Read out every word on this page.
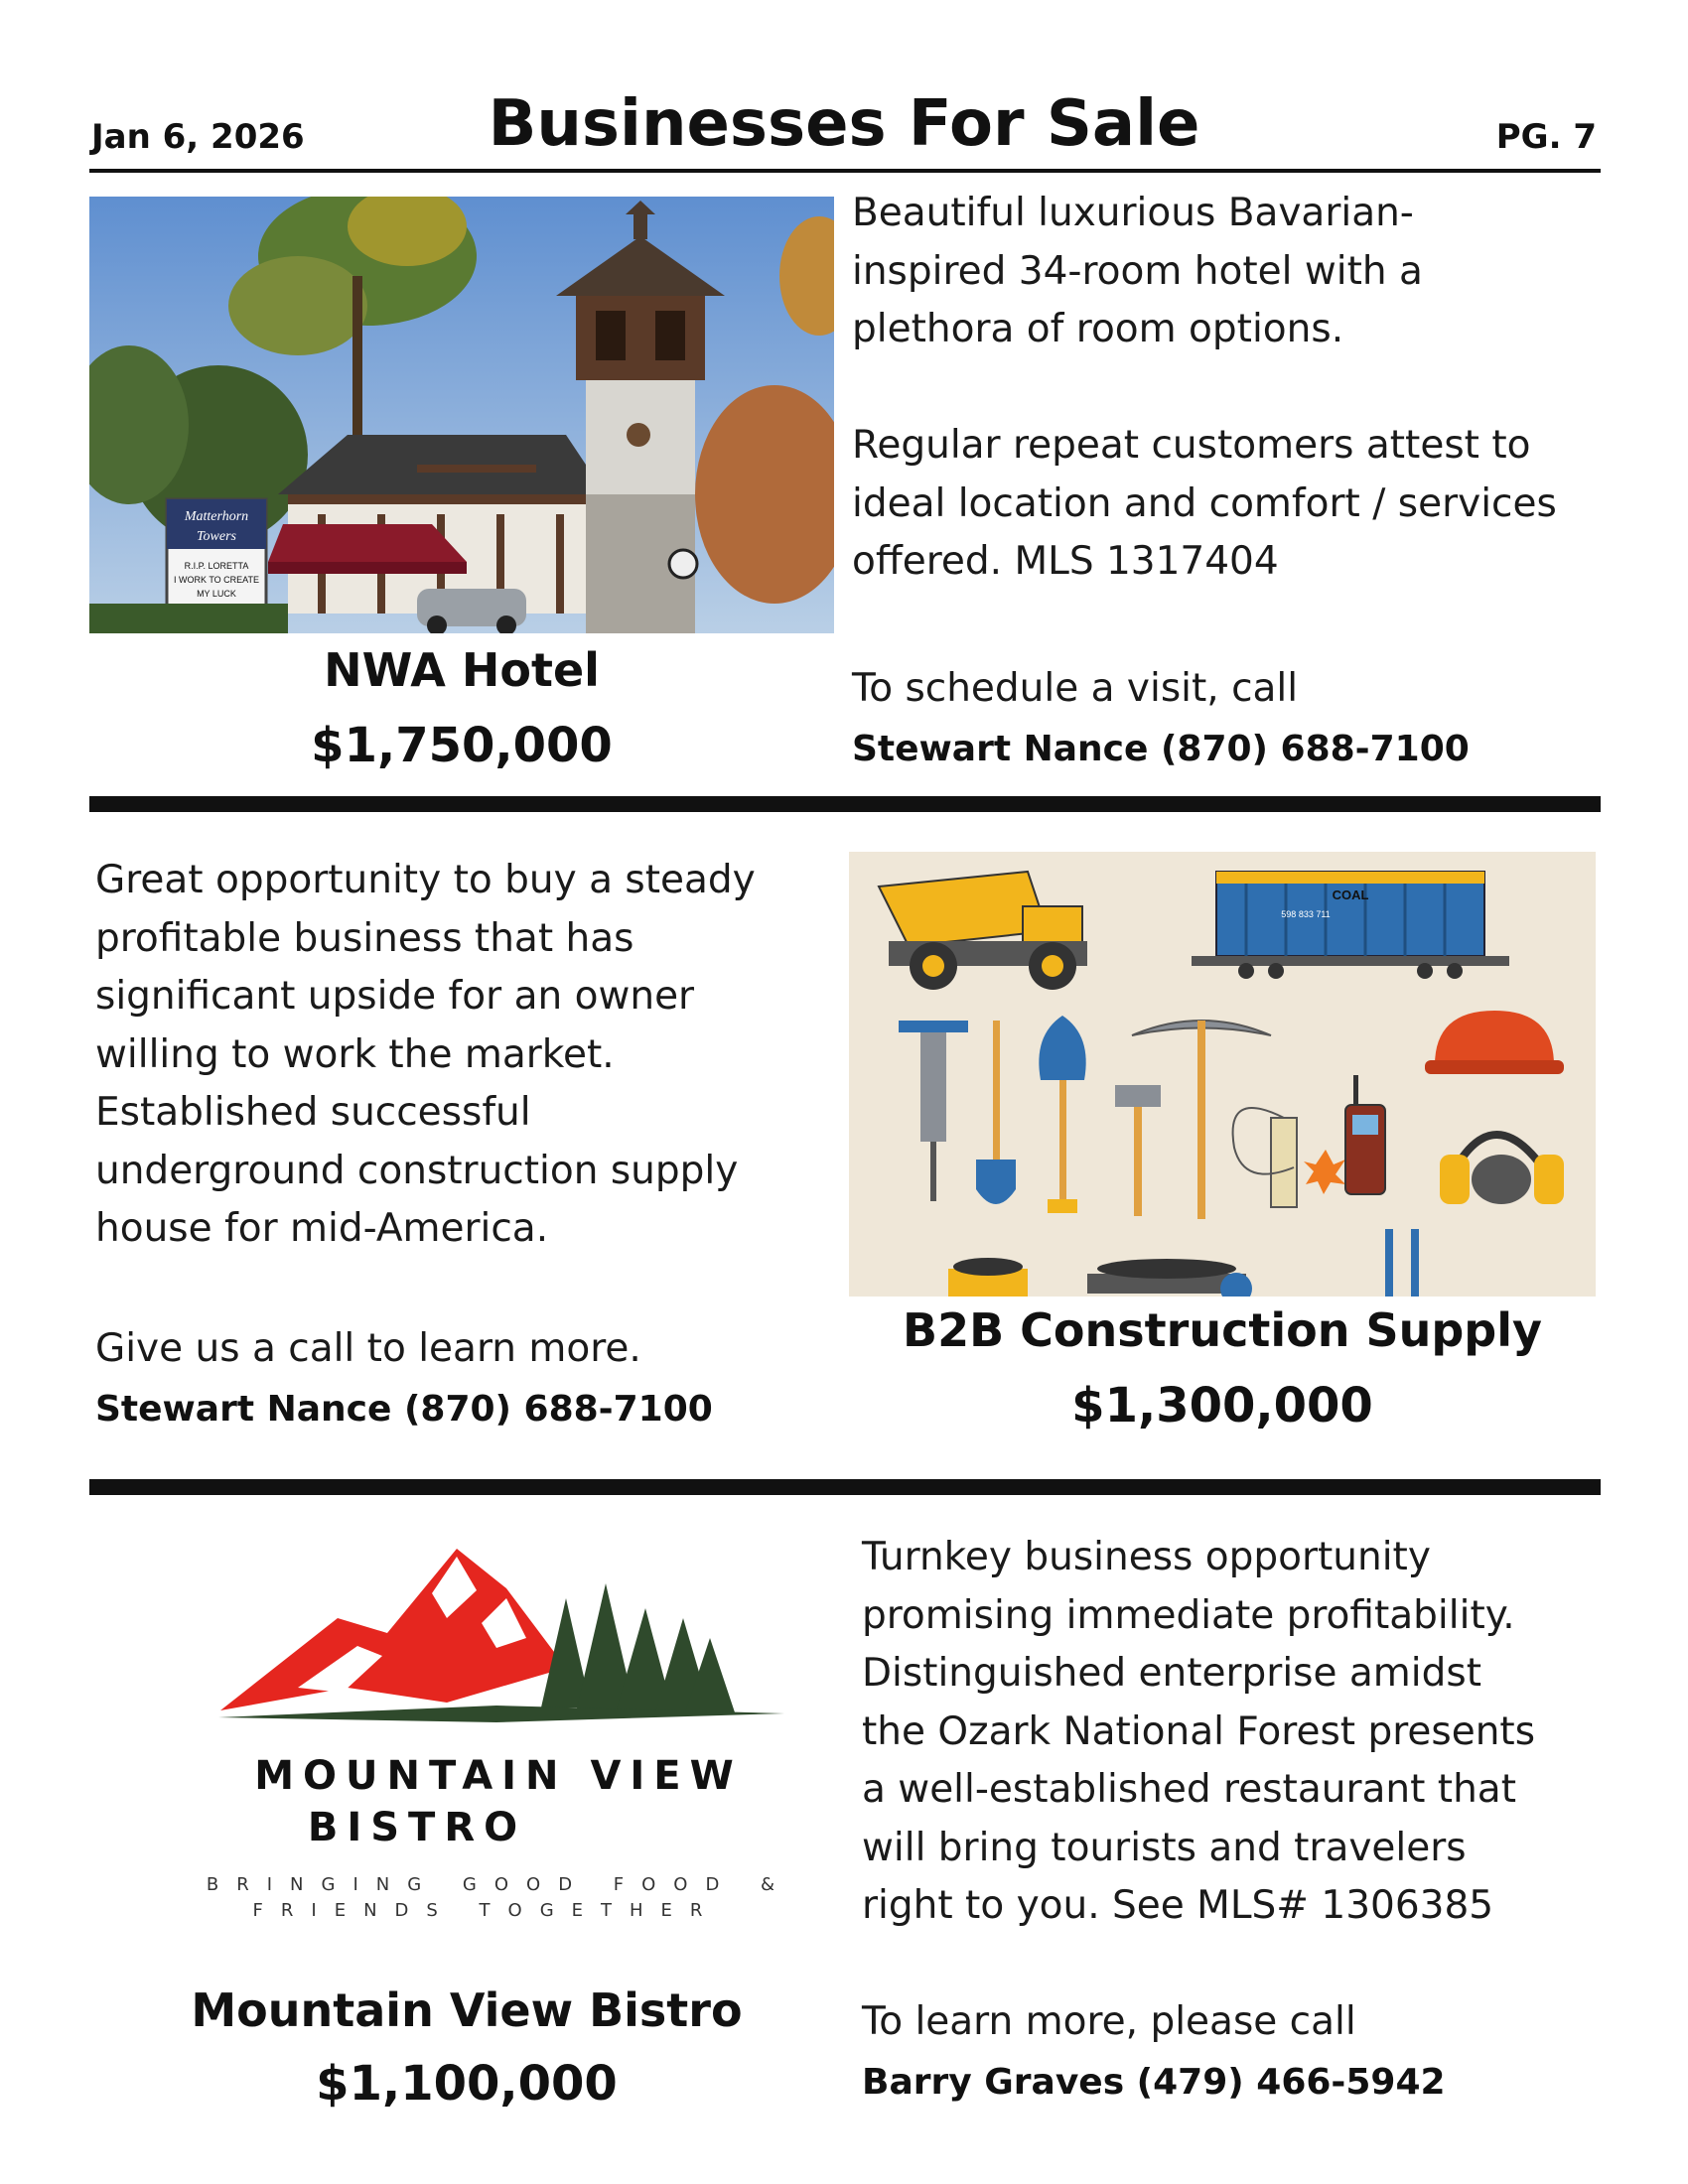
Jan 6, 2026	Businesses For Sale	PG. 7
Matterhorn
Towers
R.I.P. LORETTA
I WORK TO CREATE
MY LUCK
NWA Hotel
$1,750,000
Beautiful luxurious Bavarian-
inspired 34-room hotel with a
plethora of room options.
Regular repeat customers attest to
ideal location and comfort / services
offered. MLS 1317404
To schedule a visit, call
Stewart Nance (870) 688-7100
Great opportunity to buy a steady
profitable business that has
significant upside for an owner
willing to work the market.
Established successful
underground construction supply
house for mid-America.
Give us a call to learn more.
Stewart Nance (870) 688-7100
COAL
598 833 711
B2B Construction Supply
$1,300,000
MOUNTAIN VIEW
BISTRO
BRINGING GOOD FOOD &
FRIENDS TOGETHER
Mountain View Bistro
$1,100,000
Turnkey business opportunity
promising immediate profitability.
Distinguished enterprise amidst
the Ozark National Forest presents
a well-established restaurant that
will bring tourists and travelers
right to you. See MLS# 1306385
To learn more, please call
Barry Graves (479) 466-5942
